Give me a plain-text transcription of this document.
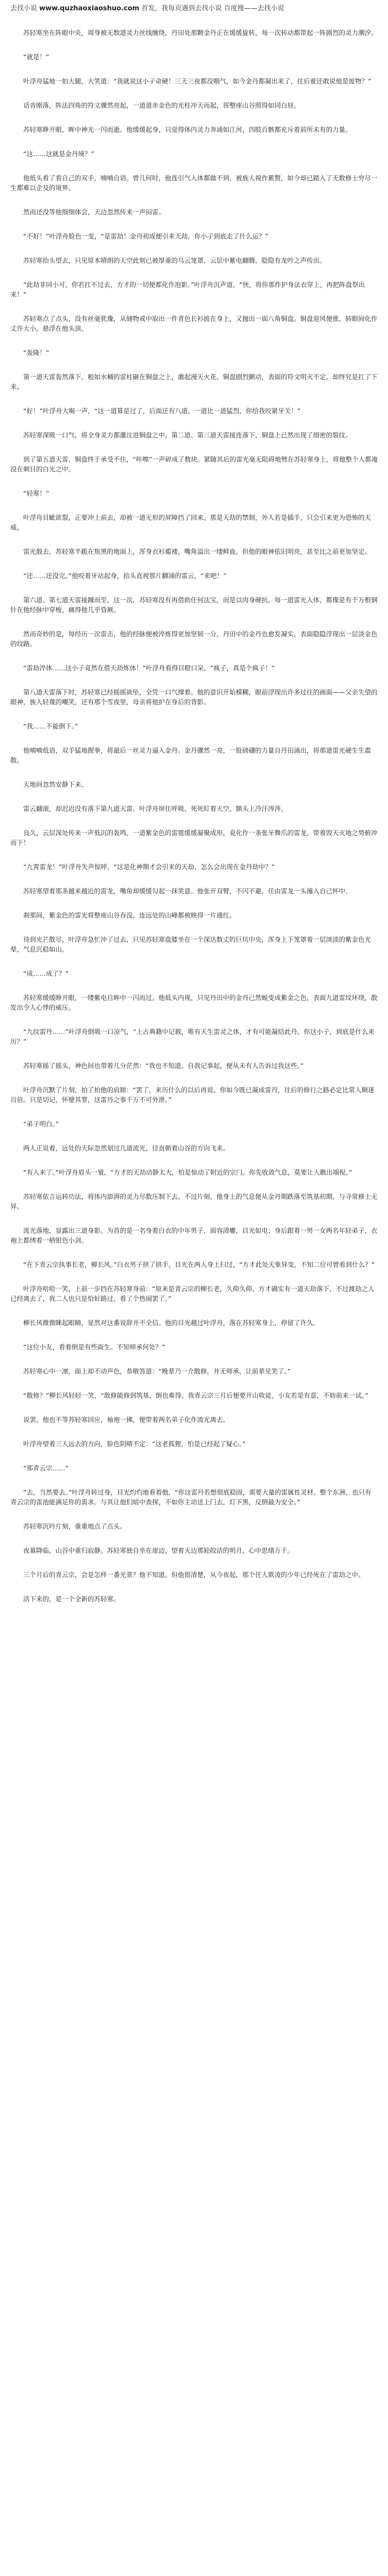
去找小说 www.quzhaoxiaoshuo.com 首发，我每页遇到去找小说 百度搜——去找小说

苏轻寒坐在阵眼中央，周身被无数道灵力丝线缠绕，丹田处那颗金丹正在缓缓旋转，每一次转动都带起一阵剧烈的灵力潮汐。

“就是！”

叶浮舟猛地一拍大腿，大笑道：“我就说这小子命硬！三天三夜都没咽气，如今金丹都凝出来了，往后谁还敢说他是废物？”

话音刚落，阵法四角的符文骤然亮起，一道道赤金色的光柱冲天而起，将整座山谷照得如同白昼。

苏轻寒睁开眼，眸中神光一闪而逝。他缓缓起身，只觉得体内灵力奔涌如江河，四肢百骸都充斥着前所未有的力量。

“这……这就是金丹境？”

他低头看了看自己的双手，喃喃自语。曾几何时，他连引气入体都做不到，被族人视作累赘，如今却已踏入了无数修士穷尽一生都难以企及的境界。

然而还没等他细细体会，天边忽然传来一声闷雷。

“不好！”叶浮舟脸色一变，“是雷劫！金丹初成便引来天劫，你小子到底走了什么运？”

苏轻寒抬头望去，只见原本晴朗的天空此刻已被厚重的乌云笼罩，云层中紫电翻腾，隐隐有龙吟之声传出。

“此劫非同小可，你若扛不过去，方才的一切便都化作泡影。”叶浮舟沉声道，“快，将你那件护身法衣穿上，再把阵盘祭出来！”

苏轻寒点了点头，没有丝毫犹豫，从储物戒中取出一件青色长衫披在身上，又抛出一面八角铜盘。铜盘迎风便涨，转眼间化作丈许大小，悬浮在他头顶。

“轰隆！”

第一道天雷轰然落下，粗如水桶的雷柱砸在铜盘之上，激起漫天火花。铜盘剧烈颤动，表面的符文明灭不定，却终究是扛了下来。

“好！”叶浮舟大喝一声，“这一道算是过了，后面还有八道，一道比一道猛烈，你给我咬紧牙关！”

苏轻寒深吸一口气，将全身灵力都灌注进铜盘之中。第二道、第三道天雷接连落下，铜盘上已然出现了细密的裂纹。

到了第五道天雷，铜盘终于承受不住，“咔嚓”一声碎成了数块。紧随其后的雷光毫无阻碍地劈在苏轻寒身上，将他整个人都淹没在刺目的白光之中。

“轻寒！”

叶浮舟目眦欲裂，正要冲上前去，却被一道无形的屏障挡了回来。那是天劫的禁制，外人若是插手，只会引来更为恐怖的天威。

雷光散去，苏轻寒半跪在焦黑的地面上，浑身衣衫褴褛，嘴角溢出一缕鲜血。但他的眼神依旧明亮，甚至比之前更加坚定。

“还……还没完。”他咬着牙站起身，抬头直视那片翻涌的雷云，“来吧！”

第六道、第七道天雷接踵而至。这一次，苏轻寒没有再借助任何法宝，而是以肉身硬抗。每一道雷光入体，都像是有千万根钢针在他经脉中穿梭，痛得他几乎昏厥。

然而奇妙的是，每经历一次雷击，他的经脉便被淬炼得更加坚韧一分，丹田中的金丹也愈发凝实，表面隐隐浮现出一层淡金色的纹路。

“雷劫淬体……这小子竟然在借天劫炼体！”叶浮舟看得目瞪口呆，“疯子，真是个疯子！”

第八道天雷落下时，苏轻寒已经摇摇欲坠，全凭一口气撑着。他的意识开始模糊，眼前浮现出许多过往的画面——父亲失望的眼神，族人轻蔑的嘲笑，还有那个雪夜里，母亲将他护在身后的背影。

“我……不能倒下。”

他喃喃低语，双手猛地握拳，将最后一丝灵力逼入金丹。金丹骤然一亮，一股磅礴的力量自丹田涌出，将那道雷光硬生生震散。

天地间忽然安静下来。

雷云翻滚，却迟迟没有落下第九道天雷。叶浮舟屏住呼吸，死死盯着天空，额头上冷汗涔涔。

良久，云层深处传来一声低沉的轰鸣，一道紫金色的雷霆缓缓凝聚成形，竟化作一条张牙舞爪的雷龙，带着毁天灭地之势俯冲而下！

“九霄雷龙！”叶浮舟失声惊呼，“这是化神期才会引来的天劫，怎么会出现在金丹劫中？”

苏轻寒望着那条越来越近的雷龙，嘴角却缓缓勾起一抹笑意。他张开双臂，不闪不避，任由雷龙一头撞入自己怀中。

刹那间，紫金色的雷光将整座山谷吞没，连远处的山峰都被映得一片通红。

待到光芒散尽，叶浮舟急忙冲了过去，只见苏轻寒盘膝坐在一个深达数丈的巨坑中央，浑身上下笼罩着一层淡淡的紫金色光晕，气息沉稳如山。

“成……成了？”

苏轻寒缓缓睁开眼，一缕紫电自眸中一闪而过。他低头内视，只见丹田中的金丹已然蜕变成紫金之色，表面九道雷纹环绕，散发出令人心悸的威压。

“九纹雷丹……”叶浮舟倒吸一口凉气，“上古典籍中记载，唯有天生雷灵之体，才有可能凝结此丹。你这小子，到底是什么来历？”

苏轻寒摇了摇头，神色间也带着几分茫然：“我也不知道。自我记事起，便从未有人告诉过我这些。”

叶浮舟沉默了片刻，拍了拍他的肩膀：“罢了，来历什么的以后再说。你如今既已凝成雷丹，往后的修行之路必定比常人顺遂百倍。只是切记，怀璧其罪，这雷丹之事千万不可外泄。”

“弟子明白。”

两人正说着，远处的天际忽然划过几道流光，径直朝着山谷的方向飞来。

“有人来了。”叶浮舟眉头一皱，“方才的天劫动静太大，怕是惊动了附近的宗门。你先收敛气息，莫要让人瞧出端倪。”

苏轻寒依言运转功法，将体内澎湃的灵力尽数压制下去。不过片刻，他身上的气息便从金丹期跌落至筑基初期，与寻常修士无异。

流光落地，显露出三道身影。为首的是一名身着白衣的中年男子，面容清癯，目光如电；身后跟着一男一女两名年轻弟子，衣袍上都绣着一柄银色小剑。

“在下青云宗执事长老，柳长风。”白衣男子拱了拱手，目光在两人身上扫过，“方才此处天象异变，不知二位可曾看到什么？”

叶浮舟哈哈一笑，上前一步挡在苏轻寒身前：“原来是青云宗的柳长老，久仰久仰。方才确实有一道天劫落下，不过渡劫之人已经离去了，我二人也只是恰好路过，看了个热闹罢了。”

柳长风微微眯起眼睛，显然对这番说辞并不全信。他的目光越过叶浮舟，落在苏轻寒身上，停留了许久。

“这位小友，看着倒是有些面生。不知师承何处？”

苏轻寒心中一凛，面上却不动声色，恭敬答道：“晚辈乃一介散修，并无师承，让前辈见笑了。”

“散修？”柳长风轻轻一笑，“散修能修到筑基，倒也难得。我青云宗三月后便要开山收徒，小友若是有意，不妨前来一试。”

说罢，他也不等苏轻寒回应，袖袍一拂，便带着两名弟子化作流光离去。

叶浮舟望着三人远去的方向，脸色阴晴不定：“这老狐狸，怕是已经起了疑心。”

“那青云宗……”

“去，当然要去。”叶浮舟转过身，目光灼灼地看着他，“你这雷丹若想彻底稳固，需要大量的雷属性灵材。整个东洲，也只有青云宗的雷池能满足你的需求。与其让他们暗中查探，不如你主动送上门去，灯下黑，反倒最为安全。”

苏轻寒沉吟片刻，重重地点了点头。

夜幕降临，山谷中重归寂静。苏轻寒独自坐在崖边，望着天边那轮皎洁的明月，心中思绪万千。

三个月后的青云宗，会是怎样一番光景？他不知道。但他很清楚，从今夜起，那个任人欺凌的少年已经死在了雷劫之中。

活下来的，是一个全新的苏轻寒。
